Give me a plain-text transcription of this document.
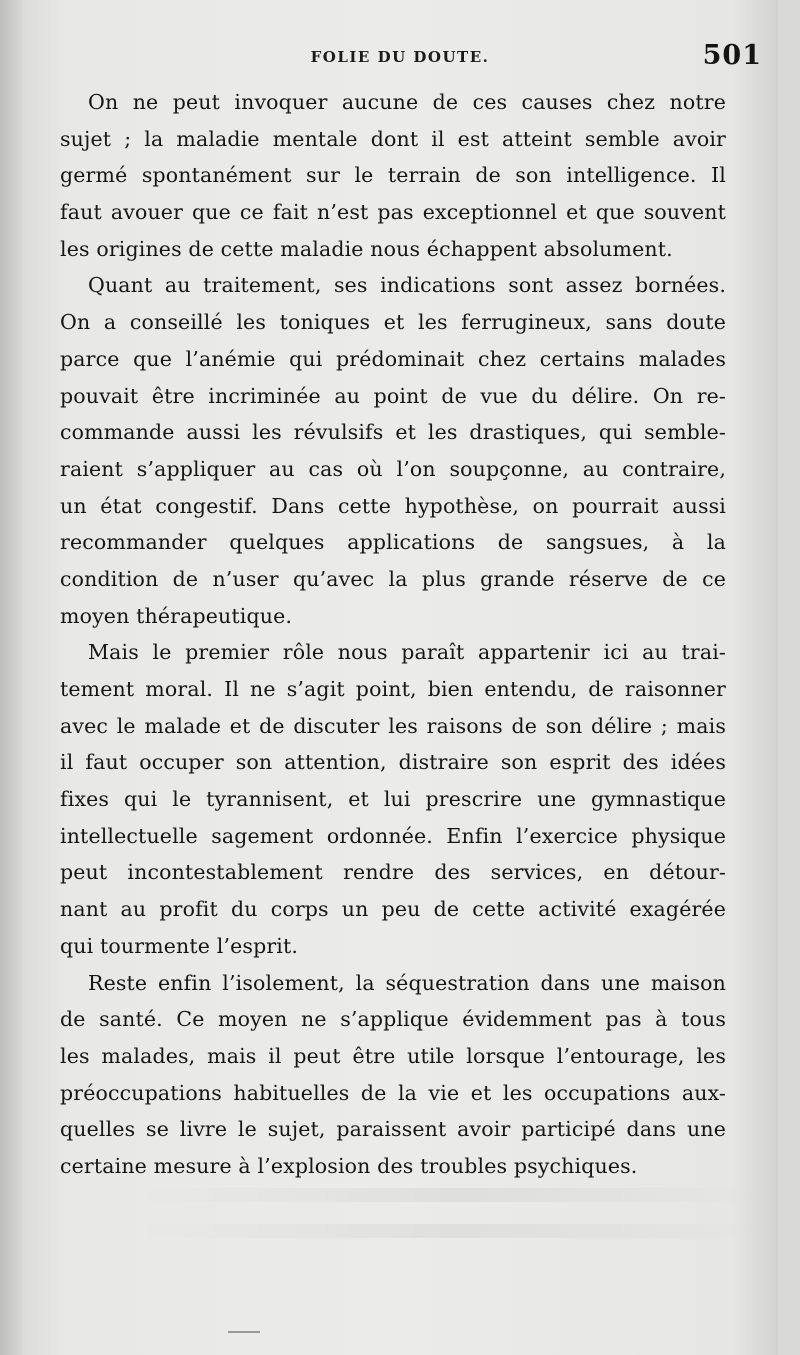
FOLIE DU DOUTE.	501
On ne peut invoquer aucune de ces causes chez notre
sujet ; la maladie mentale dont il est atteint semble avoir
germé spontanément sur le terrain de son intelligence. Il
faut avouer que ce fait n’est pas exceptionnel et que souvent
les origines de cette maladie nous échappent absolument.
Quant au traitement, ses indications sont assez bornées.
On a conseillé les toniques et les ferrugineux, sans doute
parce que l’anémie qui prédominait chez certains malades
pouvait être incriminée au point de vue du délire. On re-
commande aussi les révulsifs et les drastiques, qui semble-
raient s’appliquer au cas où l’on soupçonne, au contraire,
un état congestif. Dans cette hypothèse, on pourrait aussi
recommander quelques applications de sangsues, à la
condition de n’user qu’avec la plus grande réserve de ce
moyen thérapeutique.
Mais le premier rôle nous paraît appartenir ici au trai-
tement moral. Il ne s’agit point, bien entendu, de raisonner
avec le malade et de discuter les raisons de son délire ; mais
il faut occuper son attention, distraire son esprit des idées
fixes qui le tyrannisent, et lui prescrire une gymnastique
intellectuelle sagement ordonnée. Enfin l’exercice physique
peut incontestablement rendre des services, en détour-
nant au profit du corps un peu de cette activité exagérée
qui tourmente l’esprit.
Reste enfin l’isolement, la séquestration dans une maison
de santé. Ce moyen ne s’applique évidemment pas à tous
les malades, mais il peut être utile lorsque l’entourage, les
préoccupations habituelles de la vie et les occupations aux-
quelles se livre le sujet, paraissent avoir participé dans une
certaine mesure à l’explosion des troubles psychiques.
